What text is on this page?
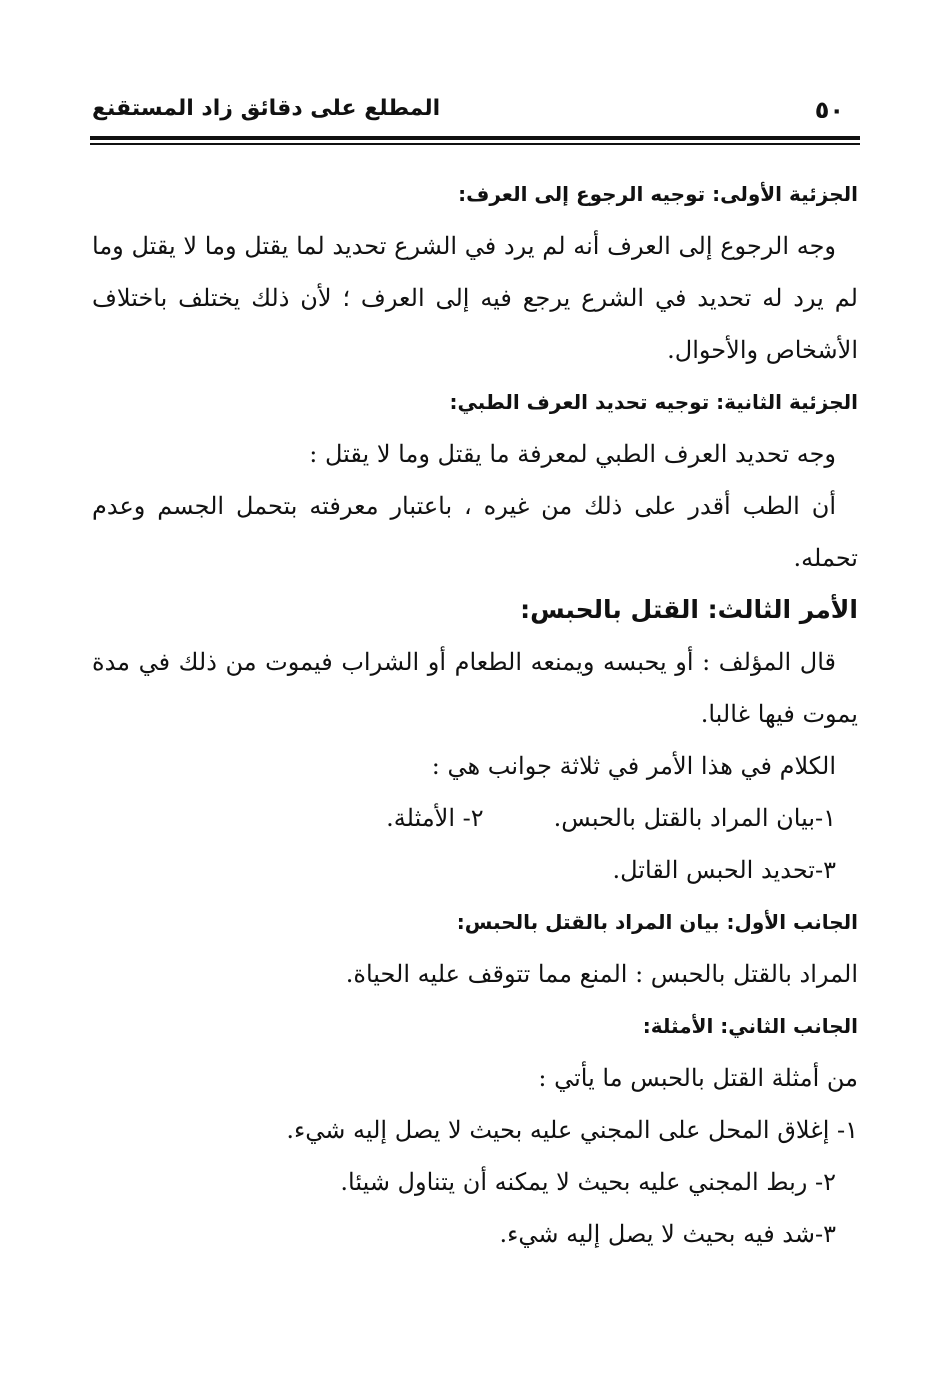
٥٠
المطلع على دقائق زاد المستقنع
الجزئية الأولى: توجيه الرجوع إلى العرف:
وجه الرجوع إلى العرف أنه لم يرد في الشرع تحديد لما يقتل وما لا يقتل وما
لم يرد له تحديد في الشرع يرجع فيه إلى العرف ؛ لأن ذلك يختلف باختلاف
الأشخاص والأحوال.
الجزئية الثانية: توجيه تحديد العرف الطبي:
وجه تحديد العرف الطبي لمعرفة ما يقتل وما لا يقتل :
أن الطب أقدر على ذلك من غيره ، باعتبار معرفته بتحمل الجسم وعدم
تحمله.
الأمر الثالث: القتل بالحبس:
قال المؤلف : أو يحبسه ويمنعه الطعام أو الشراب فيموت من ذلك في مدة
يموت فيها غالبا.
الكلام في هذا الأمر في ثلاثة جوانب هي :
١-بيان المراد بالقتل بالحبس.٢- الأمثلة.
٣-تحديد الحبس القاتل.
الجانب الأول: بيان المراد بالقتل بالحبس:
المراد بالقتل بالحبس : المنع مما تتوقف عليه الحياة.
الجانب الثاني: الأمثلة:
من أمثلة القتل بالحبس ما يأتي :
١- إغلاق المحل على المجني عليه بحيث لا يصل إليه شيء.
٢- ربط المجني عليه بحيث لا يمكنه أن يتناول شيئا.
٣-شد فيه بحيث لا يصل إليه شيء.
